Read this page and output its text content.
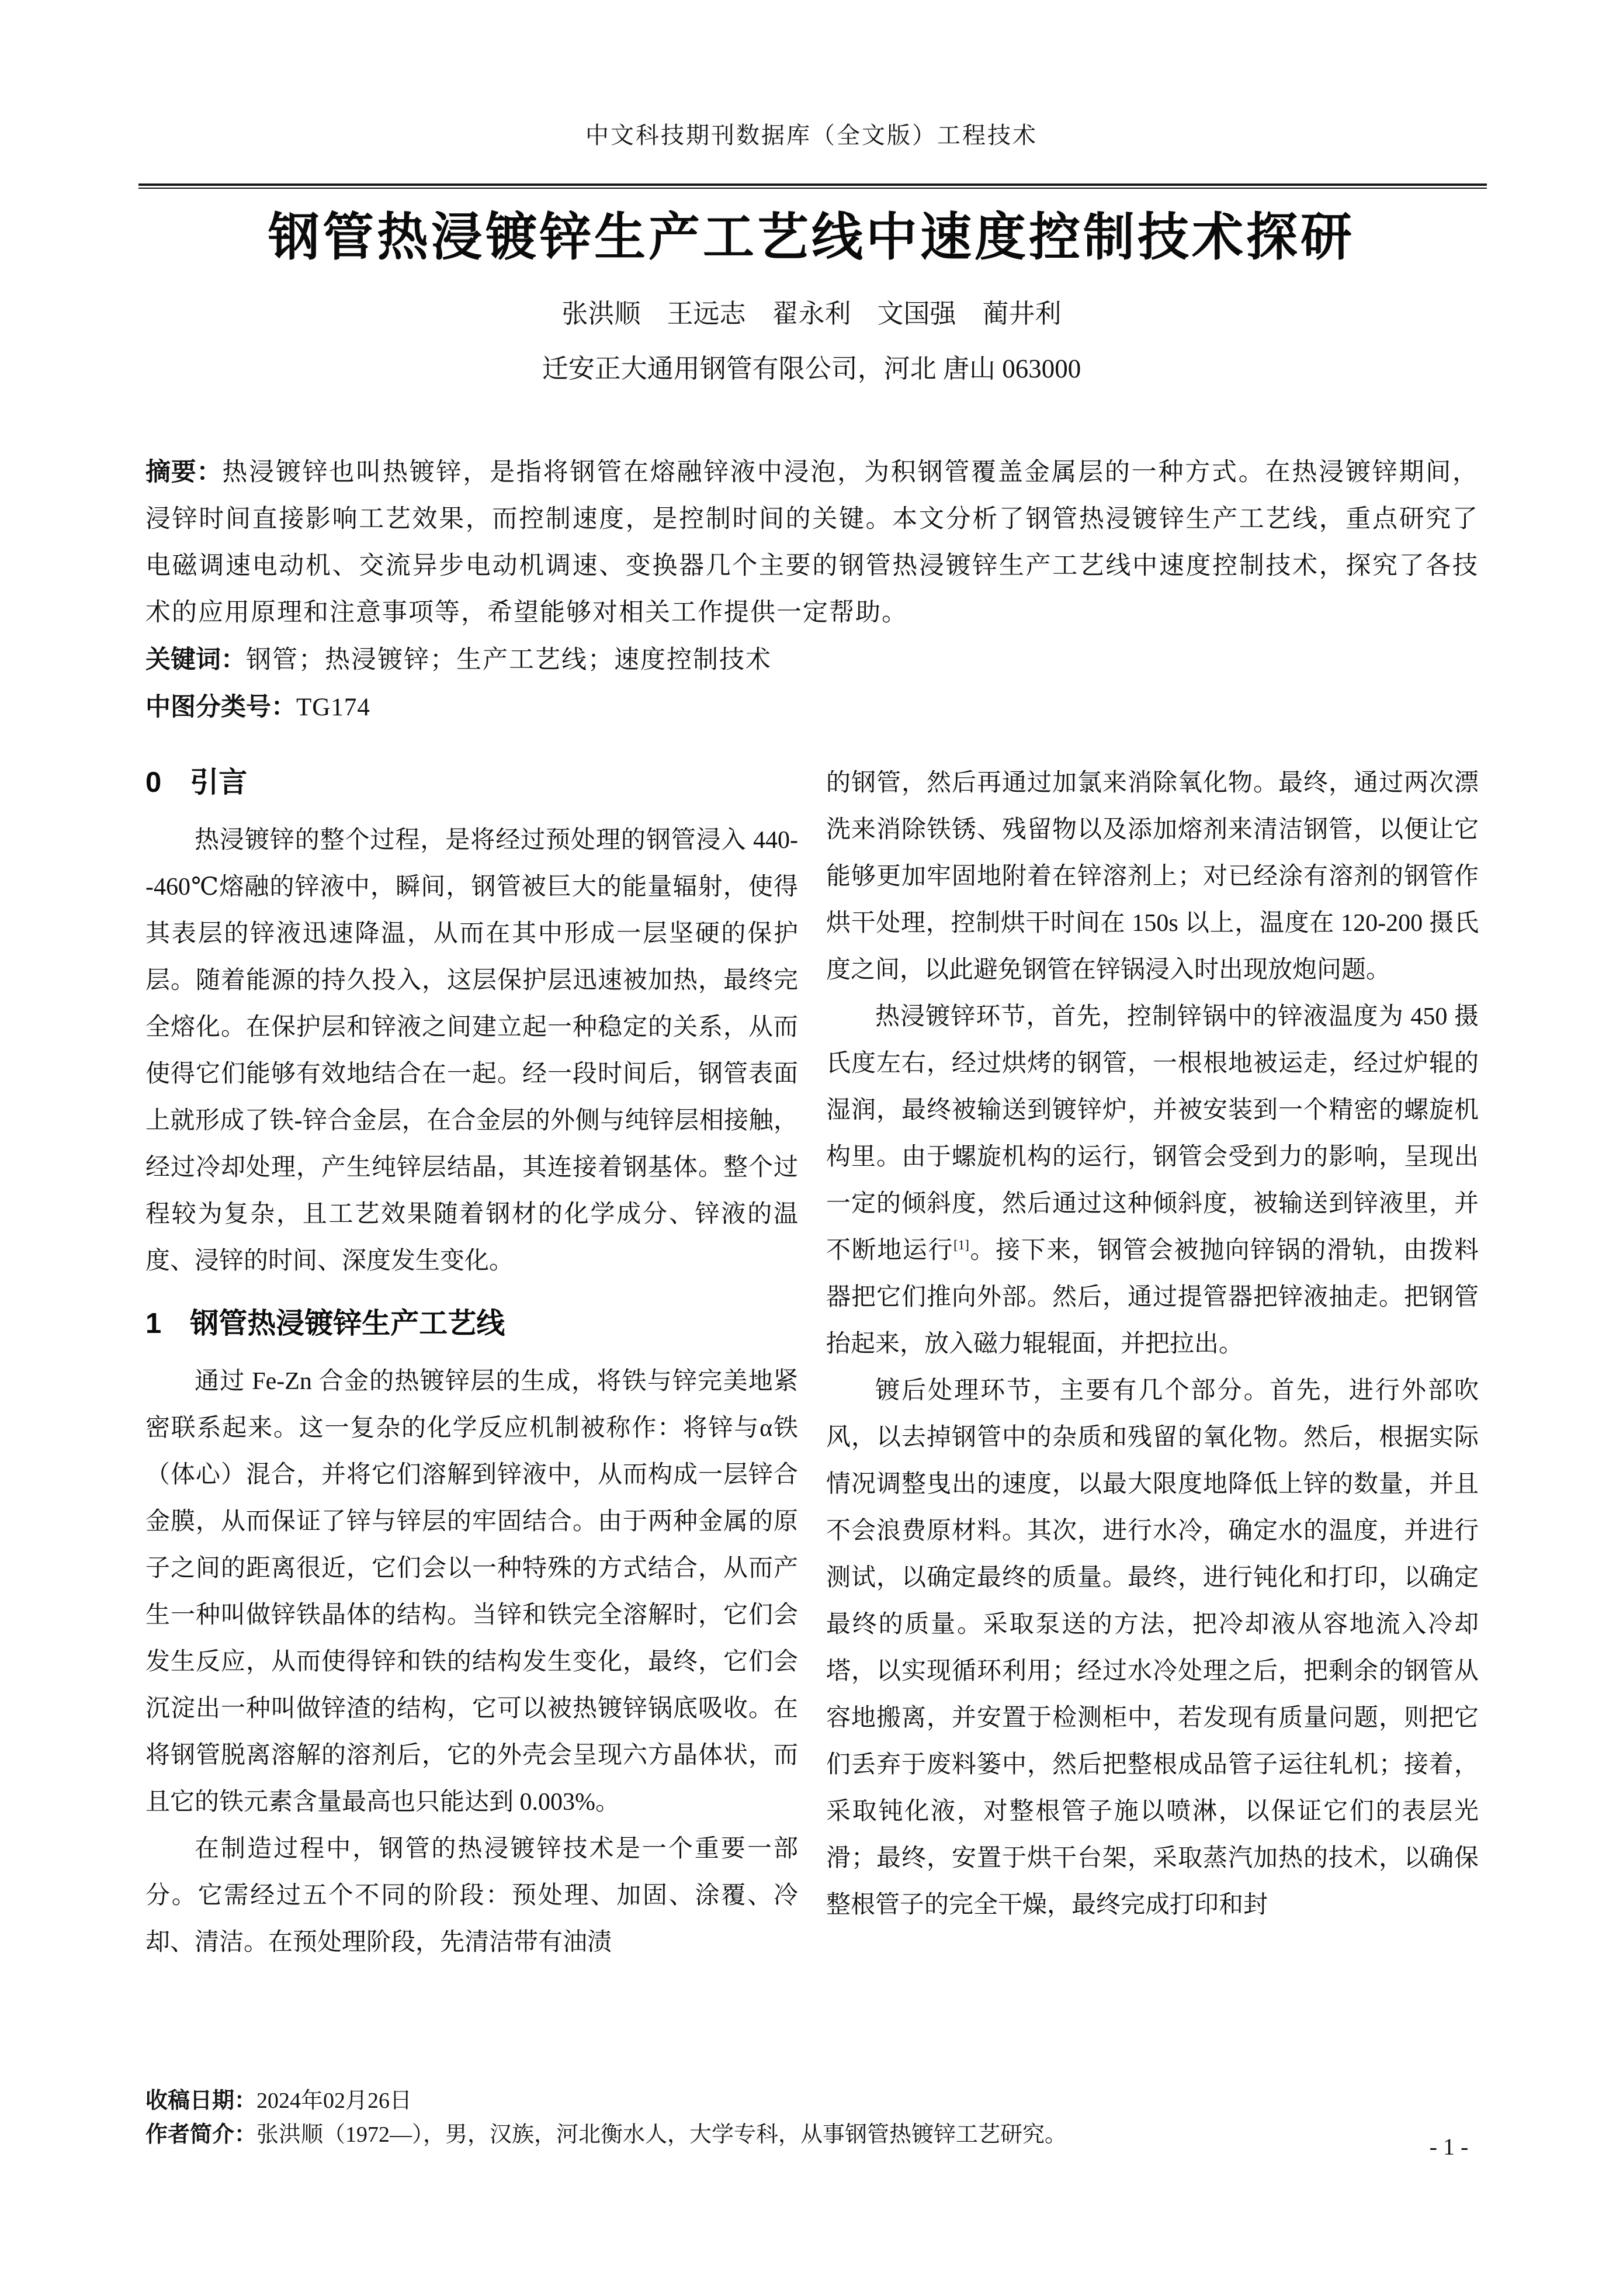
中文科技期刊数据库（全文版）工程技术
钢管热浸镀锌生产工艺线中速度控制技术探研
张洪顺　王远志　翟永利　文国强　蔺井利
迁安正大通用钢管有限公司，河北 唐山 063000

摘要：热浸镀锌也叫热镀锌，是指将钢管在熔融锌液中浸泡，为积钢管覆盖金属层的一种方式。在热浸镀锌期间，浸锌时间直接影响工艺效果，而控制速度，是控制时间的关键。本文分析了钢管热浸镀锌生产工艺线，重点研究了电磁调速电动机、交流异步电动机调速、变换器几个主要的钢管热浸镀锌生产工艺线中速度控制技术，探究了各技术的应用原理和注意事项等，希望能够对相关工作提供一定帮助。

关键词：钢管；热浸镀锌；生产工艺线；速度控制技术

中图分类号：TG174

0　引言

热浸镀锌的整个过程，是将经过预处理的钢管浸入 440--460℃熔融的锌液中，瞬间，钢管被巨大的能量辐射，使得其表层的锌液迅速降温，从而在其中形成一层坚硬的保护层。随着能源的持久投入，这层保护层迅速被加热，最终完全熔化。在保护层和锌液之间建立起一种稳定的关系，从而使得它们能够有效地结合在一起。经一段时间后，钢管表面上就形成了铁-锌合金层，在合金层的外侧与纯锌层相接触，经过冷却处理，产生纯锌层结晶，其连接着钢基体。整个过程较为复杂，且工艺效果随着钢材的化学成分、锌液的温度、浸锌的时间、深度发生变化。

1　钢管热浸镀锌生产工艺线

通过 Fe-Zn 合金的热镀锌层的生成，将铁与锌完美地紧密联系起来。这一复杂的化学反应机制被称作：将锌与α铁（体心）混合，并将它们溶解到锌液中，从而构成一层锌合金膜，从而保证了锌与锌层的牢固结合。由于两种金属的原子之间的距离很近，它们会以一种特殊的方式结合，从而产生一种叫做锌铁晶体的结构。当锌和铁完全溶解时，它们会发生反应，从而使得锌和铁的结构发生变化，最终，它们会沉淀出一种叫做锌渣的结构，它可以被热镀锌锅底吸收。在将钢管脱离溶解的溶剂后，它的外壳会呈现六方晶体状，而且它的铁元素含量最高也只能达到 0.003%。

在制造过程中，钢管的热浸镀锌技术是一个重要一部分。它需经过五个不同的阶段：预处理、加固、涂覆、冷却、清洁。在预处理阶段，先清洁带有油渍

的钢管，然后再通过加氯来消除氧化物。最终，通过两次漂洗来消除铁锈、残留物以及添加熔剂来清洁钢管，以便让它能够更加牢固地附着在锌溶剂上；对已经涂有溶剂的钢管作烘干处理，控制烘干时间在 150s 以上，温度在 120-200 摄氏度之间，以此避免钢管在锌锅浸入时出现放炮问题。

热浸镀锌环节，首先，控制锌锅中的锌液温度为 450 摄氏度左右，经过烘烤的钢管，一根根地被运走，经过炉辊的湿润，最终被输送到镀锌炉，并被安装到一个精密的螺旋机构里。由于螺旋机构的运行，钢管会受到力的影响，呈现出一定的倾斜度，然后通过这种倾斜度，被输送到锌液里，并不断地运行[1]。接下来，钢管会被抛向锌锅的滑轨，由拨料器把它们推向外部。然后，通过提管器把锌液抽走。把钢管抬起来，放入磁力辊辊面，并把拉出。

镀后处理环节，主要有几个部分。首先，进行外部吹风，以去掉钢管中的杂质和残留的氧化物。然后，根据实际情况调整曳出的速度，以最大限度地降低上锌的数量，并且不会浪费原材料。其次，进行水冷，确定水的温度，并进行测试，以确定最终的质量。最终，进行钝化和打印，以确定最终的质量。采取泵送的方法，把冷却液从容地流入冷却塔，以实现循环利用；经过水冷处理之后，把剩余的钢管从容地搬离，并安置于检测柜中，若发现有质量问题，则把它们丢弃于废料篓中，然后把整根成品管子运往轧机；接着，采取钝化液，对整根管子施以喷淋，以保证它们的表层光滑；最终，安置于烘干台架，采取蒸汽加热的技术，以确保整根管子的完全干燥，最终完成打印和封

收稿日期：2024年02月26日

作者简介：张洪顺（1972—），男，汉族，河北衡水人，大学专科，从事钢管热镀锌工艺研究。	- 1 -
